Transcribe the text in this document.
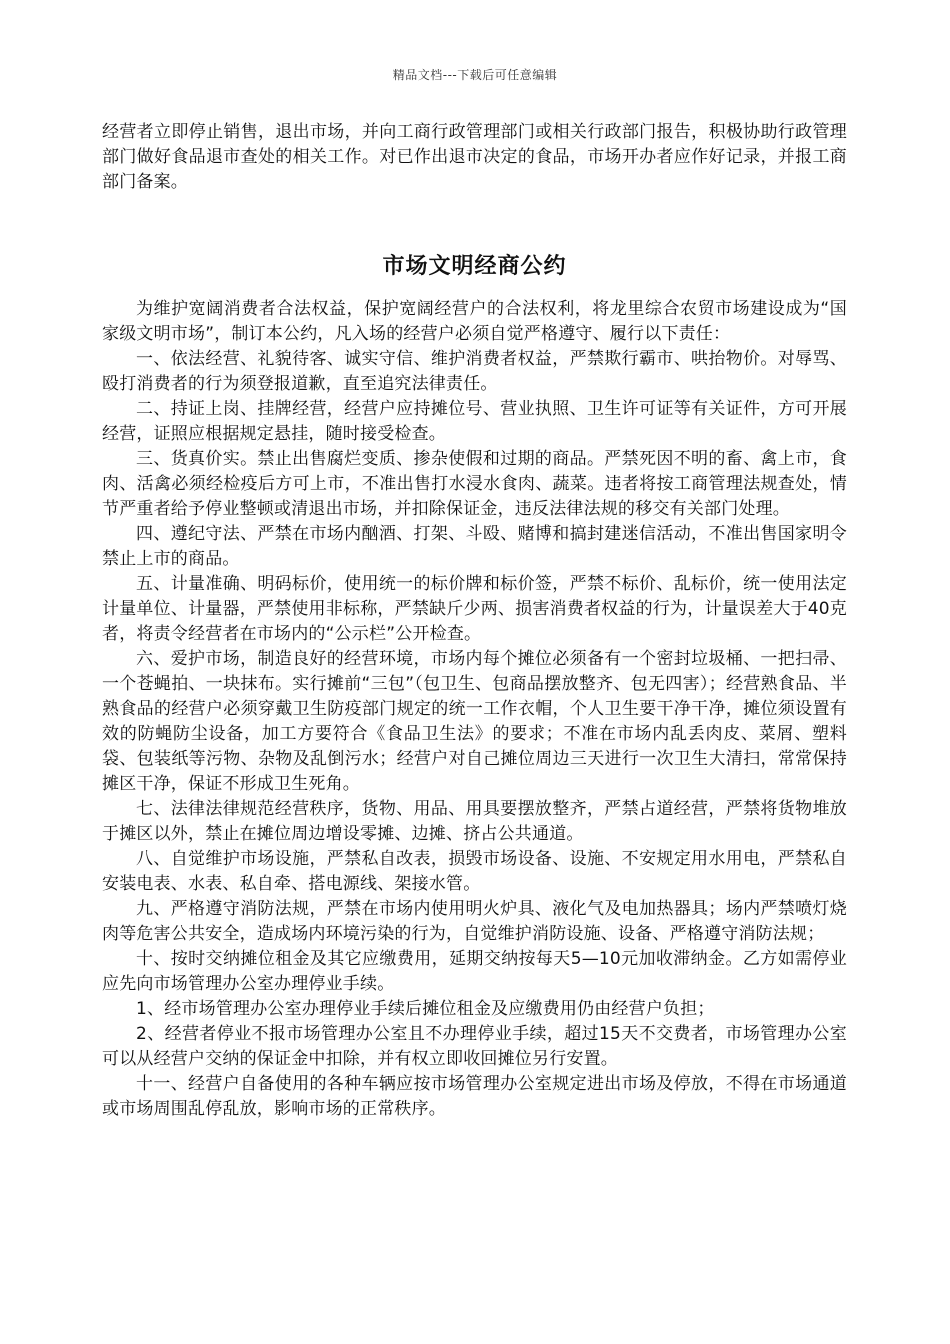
精品文档---下载后可任意编辑

经营者立即停止销售，退出市场，并向工商行政管理部门或相关行政部门报告，积极协助行政管理部门做好食品退市查处的相关工作。对已作出退市决定的食品，市场开办者应作好记录，并报工商部门备案。

市场文明经商公约

为维护宽阔消费者合法权益，保护宽阔经营户的合法权利，将龙里综合农贸市场建设成为“国家级文明市场”，制订本公约，凡入场的经营户必须自觉严格遵守、履行以下责任：

一、依法经营、礼貌待客、诚实守信、维护消费者权益，严禁欺行霸市、哄抬物价。对辱骂、殴打消费者的行为须登报道歉，直至追究法律责任。

二、持证上岗、挂牌经营，经营户应持摊位号、营业执照、卫生许可证等有关证件，方可开展经营，证照应根据规定悬挂，随时接受检查。

三、货真价实。禁止出售腐烂变质、掺杂使假和过期的商品。严禁死因不明的畜、禽上市，食肉、活禽必须经检疫后方可上市，不准出售打水浸水食肉、蔬菜。违者将按工商管理法规查处，情节严重者给予停业整顿或清退出市场，并扣除保证金，违反法律法规的移交有关部门处理。

四、遵纪守法、严禁在市场内酗酒、打架、斗殴、赌博和搞封建迷信活动，不准出售国家明令禁止上市的商品。

五、计量准确、明码标价，使用统一的标价牌和标价签，严禁不标价、乱标价，统一使用法定计量单位、计量器，严禁使用非标称，严禁缺斤少两、损害消费者权益的行为，计量误差大于40克者，将责令经营者在市场内的“公示栏”公开检查。

六、爱护市场，制造良好的经营环境，市场内每个摊位必须备有一个密封垃圾桶、一把扫帚、一个苍蝇拍、一块抹布。实行摊前“三包”（包卫生、包商品摆放整齐、包无四害）；经营熟食品、半熟食品的经营户必须穿戴卫生防疫部门规定的统一工作衣帽，个人卫生要干净干净，摊位须设置有效的防蝇防尘设备，加工方要符合《食品卫生法》的要求；不准在市场内乱丢肉皮、菜屑、塑料袋、包装纸等污物、杂物及乱倒污水；经营户对自己摊位周边三天进行一次卫生大清扫，常常保持摊区干净，保证不形成卫生死角。

七、法律法律规范经营秩序，货物、用品、用具要摆放整齐，严禁占道经营，严禁将货物堆放于摊区以外，禁止在摊位周边增设零摊、边摊、挤占公共通道。

八、自觉维护市场设施，严禁私自改表，损毁市场设备、设施、不安规定用水用电，严禁私自安装电表、水表、私自牵、搭电源线、架接水管。

九、严格遵守消防法规，严禁在市场内使用明火炉具、液化气及电加热器具；场内严禁喷灯烧肉等危害公共安全，造成场内环境污染的行为，自觉维护消防设施、设备、严格遵守消防法规；

十、按时交纳摊位租金及其它应缴费用，延期交纳按每天5—10元加收滞纳金。乙方如需停业应先向市场管理办公室办理停业手续。

1、经市场管理办公室办理停业手续后摊位租金及应缴费用仍由经营户负担；

2、经营者停业不报市场管理办公室且不办理停业手续，超过15天不交费者，市场管理办公室可以从经营户交纳的保证金中扣除，并有权立即收回摊位另行安置。

十一、经营户自备使用的各种车辆应按市场管理办公室规定进出市场及停放，不得在市场通道或市场周围乱停乱放，影响市场的正常秩序。
